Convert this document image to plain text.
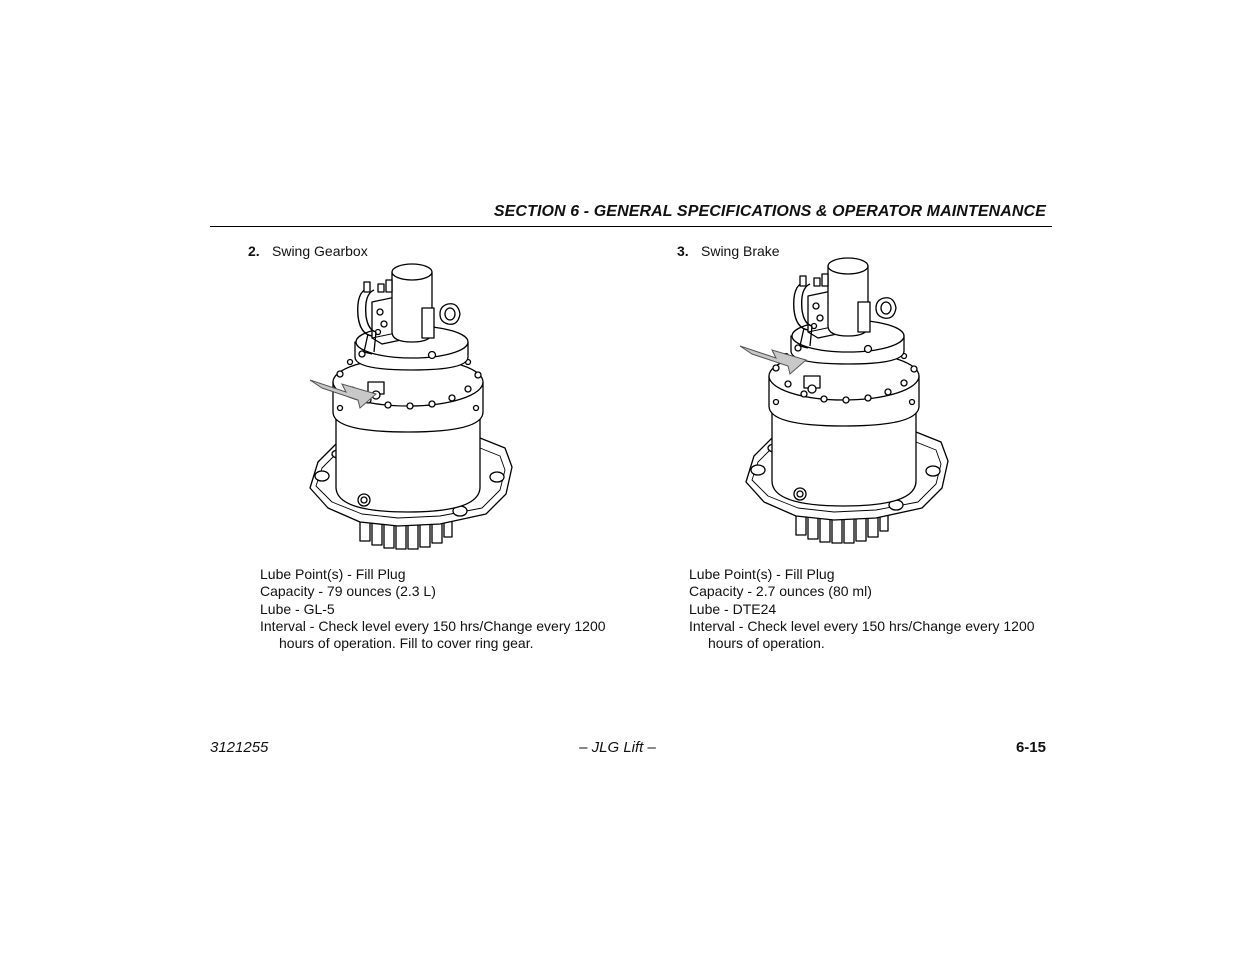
SECTION 6 - GENERAL SPECIFICATIONS & OPERATOR MAINTENANCE
2. Swing Gearbox
Lube Point(s) - Fill Plug
Capacity - 79 ounces (2.3 L)
Lube - GL-5
Interval - Check level every 150 hrs/Change every 1200
hours of operation. Fill to cover ring gear.
3. Swing Brake
Lube Point(s) - Fill Plug
Capacity - 2.7 ounces (80 ml)
Lube - DTE24
Interval - Check level every 150 hrs/Change every 1200
hours of operation.
3121255	– JLG Lift –	6-15
